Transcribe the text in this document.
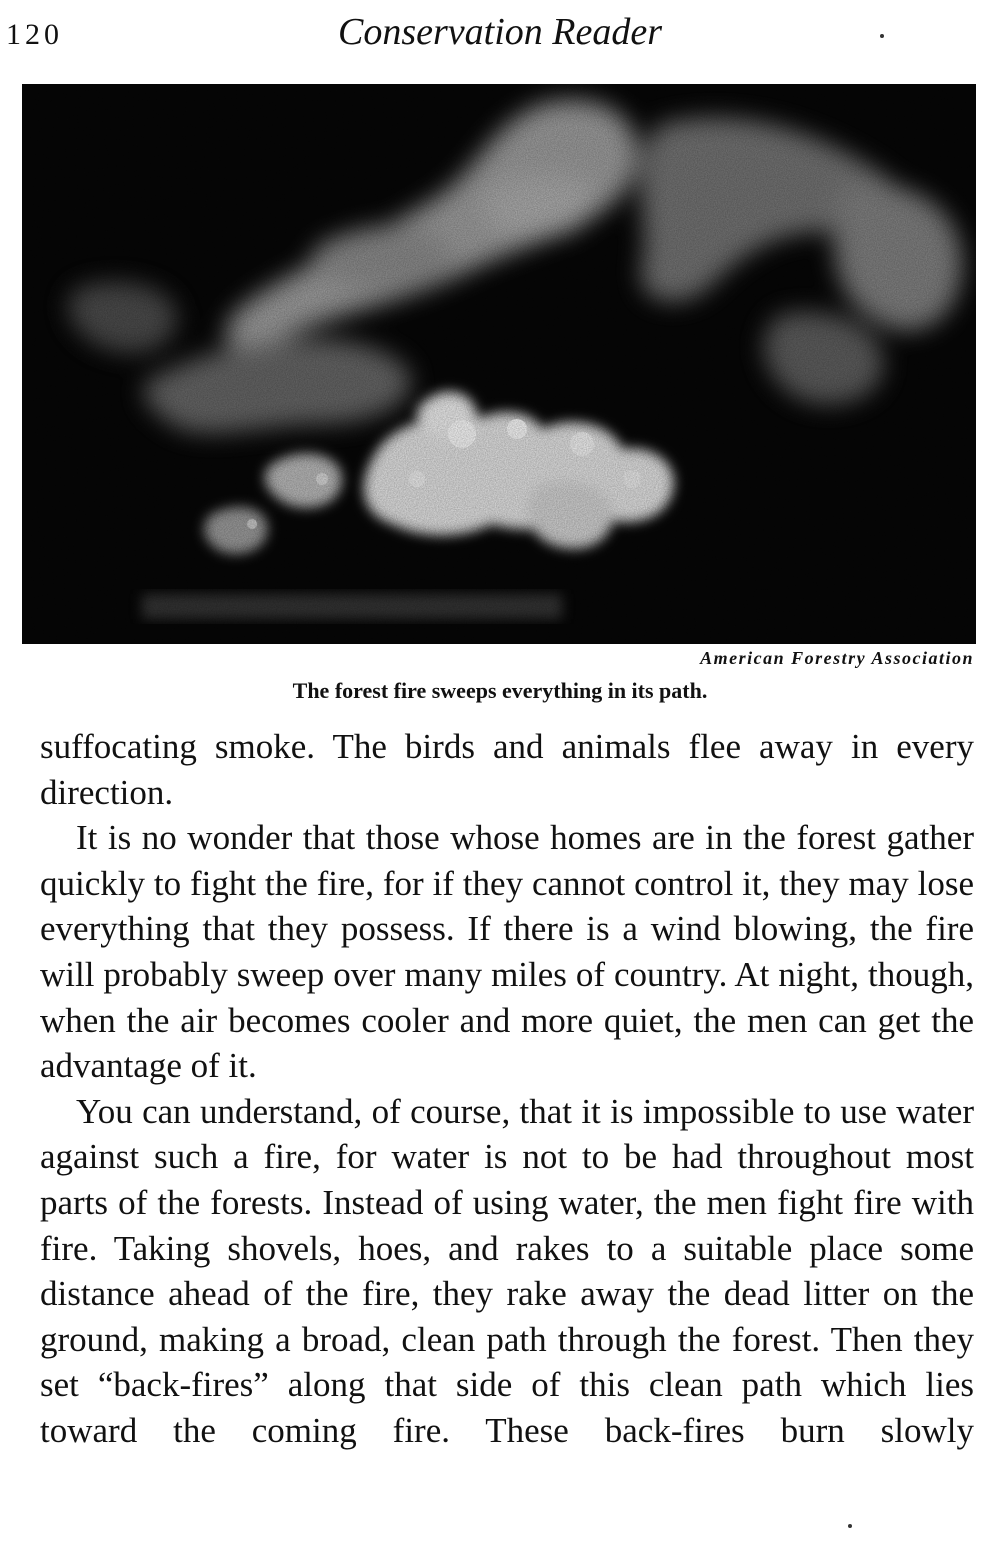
120	Conservation Reader
American Forestry Association
The forest fire sweeps everything in its path.

suffocating smoke. The birds and animals flee away in every direction.

It is no wonder that those whose homes are in the forest gather quickly to fight the fire, for if they cannot control it, they may lose everything that they possess. If there is a wind blowing, the fire will probably sweep over many miles of country. At night, though, when the air becomes cooler and more quiet, the men can get the advantage of it.

You can understand, of course, that it is impossible to use water against such a fire, for water is not to be had throughout most parts of the forests. Instead of using water, the men fight fire with fire. Taking shovels, hoes, and rakes to a suitable place some distance ahead of the fire, they rake away the dead litter on the ground, making a broad, clean path through the forest. Then they set “back-fires” along that side of this clean path which lies toward the coming fire. These back-fires burn slowly
